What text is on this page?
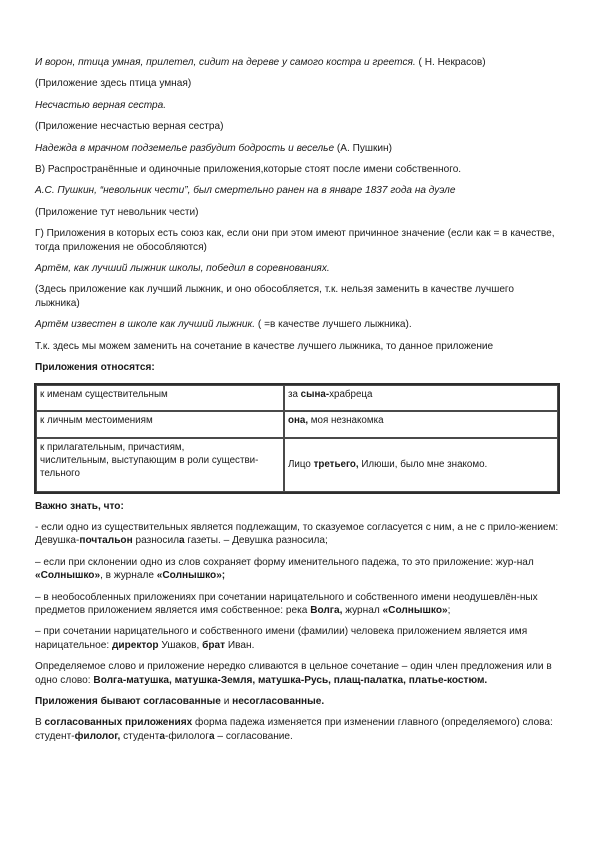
И ворон, птица умная, прилетел, сидит на дереве у самого костра и греется. ( Н. Некрасов)

(Приложение здесь птица умная)

Несчастью верная сестра.

(Приложение несчастью верная сестра)

Надежда в мрачном подземелье разбудит бодрость и веселье (А. Пушкин)

В) Распространённые и одиночные приложения,которые стоят после имени собственного.

А.С. Пушкин, “невольник чести”, был смертельно ранен на в январе 1837 года на дуэле

(Приложение тут невольник чести)

Г) Приложения в которых есть союз как, если они при этом имеют причинное значение (если как = в качестве, тогда приложения не обособляются)

Артём, как лучший лыжник школы, победил в соревнованиях.

(Здесь приложение как лучший лыжник, и оно обособляется, т.к. нельзя заменить в качестве лучшего лыжника)

Артём известен в школе как лучший лыжник. ( =в качестве лучшего лыжника).

Т.к. здесь мы можем заменить на сочетание в качестве лучшего лыжника, то данное приложение

Приложения относятся:

к именам существительным	за сына-храбреца
к личным местоимениям	она, моя незнакомка
к прилагательным, причастиям,
числительным, выступающим в роли существи-
тельного	Лицо третьего, Илюши, было мне знакомо.

Важно знать, что:

- если одно из существительных является подлежащим, то сказуемое согласуется с ним, а не с прило-жением: Девушка-почтальон разносила газеты. – Девушка разносила;

– если при склонении одно из слов сохраняет форму именительного падежа, то это приложение: жур-нал «Солнышко», в журнале «Солнышко»;

– в необособленных приложениях при сочетании нарицательного и собственного имени неодушевлён-ных предметов приложением является имя собственное: река Волга, журнал «Солнышко»;

– при сочетании нарицательного и собственного имени (фамилии) человека приложением является имя нарицательное: директор Ушаков, брат Иван.

Определяемое слово и приложение нередко сливаются в цельное сочетание – один член предложения или в одно слово: Волга-матушка, матушка-Земля, матушка-Русь, плащ-палатка, платье-костюм.

Приложения бывают согласованные и несогласованные.

В согласованных приложениях форма падежа изменяется при изменении главного (определяемого) слова: студент-филолог, студента-филолога – согласование.
